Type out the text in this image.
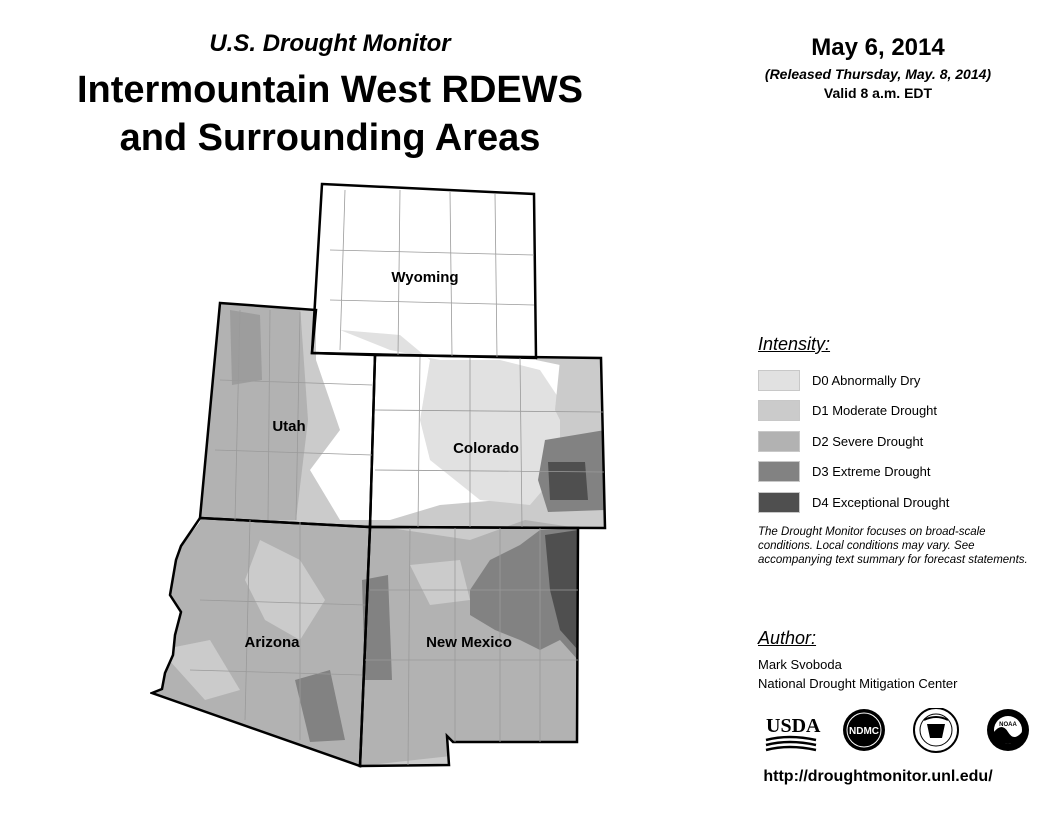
U.S. Drought Monitor
Intermountain West RDEWS
and Surrounding Areas
May 6, 2014
(Released Thursday, May. 8, 2014)
Valid 8 a.m. EDT
Wyoming
Utah
Colorado
Arizona	New Mexico
Intensity:
D0 Abnormally Dry
D1 Moderate Drought
D2 Severe Drought
D3 Extreme Drought
D4 Exceptional Drought
The Drought Monitor focuses on broad-scale conditions. Local conditions may vary. See accompanying text summary for forecast statements.
Author:
Mark Svoboda
National Drought Mitigation Center
USDA	NDMC
NOAA
http://droughtmonitor.unl.edu/
